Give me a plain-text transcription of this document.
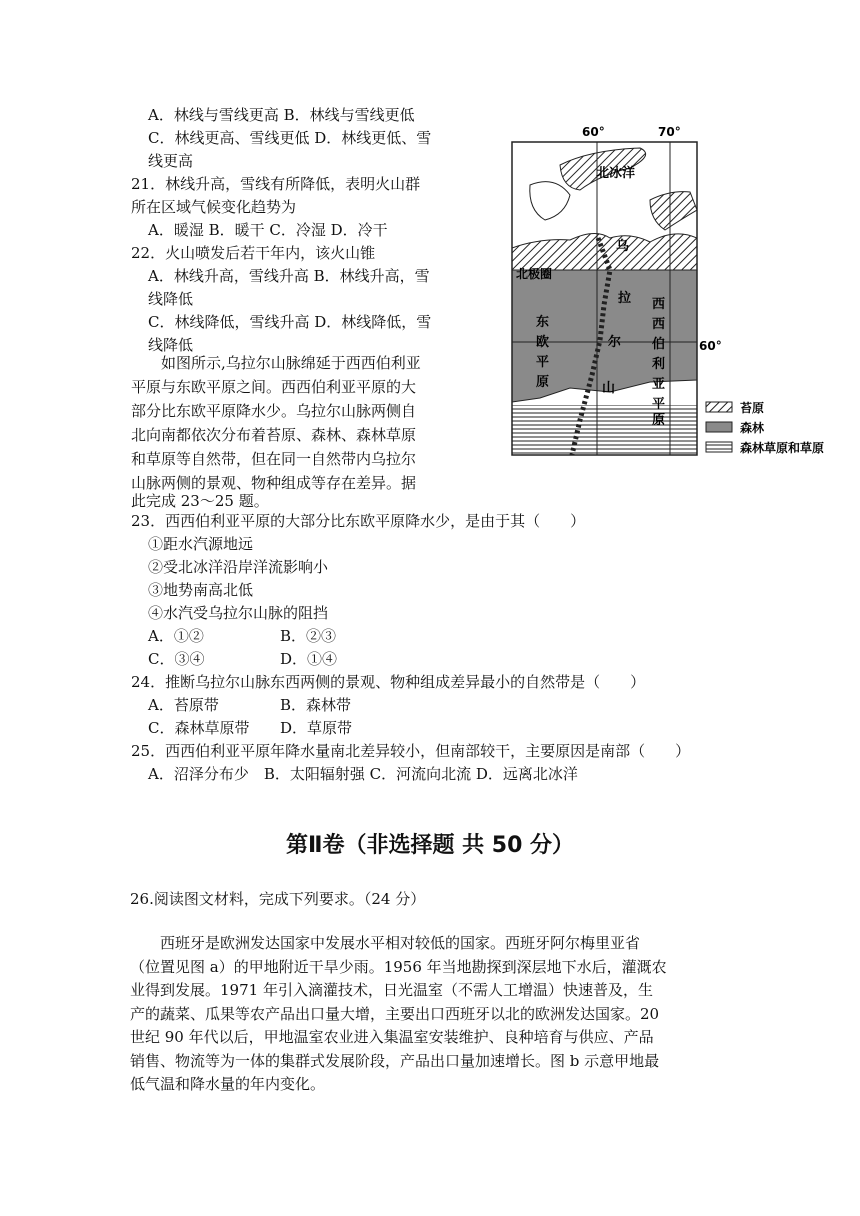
A．林线与雪线更高 B．林线与雪线更低
C．林线更高、雪线更低 D．林线更低、雪
线更高
21．林线升高，雪线有所降低，表明火山群
所在区域气候变化趋势为
A．暖湿 B．暖干 C．冷湿 D．冷干
22．火山喷发后若干年内，该火山锥
A．林线升高，雪线升高 B．林线升高，雪
线降低
C．林线降低，雪线升高 D．林线降低，雪
线降低
如图所示,乌拉尔山脉绵延于西西伯利亚
平原与东欧平原之间。西西伯利亚平原的大
部分比东欧平原降水少。乌拉尔山脉两侧自
北向南都依次分布着苔原、森林、森林草原
和草原等自然带，但在同一自然带内乌拉尔
山脉两侧的景观、物种组成等存在差异。据
此完成 23～25 题。
60°	70°
60°
北冰洋
北极圈
东
欧
平
原
西
西
伯
利
亚
平
原
乌
拉
尔
山
苔原
森林
森林草原和草原
23．西西伯利亚平原的大部分比东欧平原降水少，是由于其（　　）
①距水汽源地远
②受北冰洋沿岸洋流影响小
③地势南高北低
④水汽受乌拉尔山脉的阻挡
A．①②	B．②③
C．③④	D．①④
24．推断乌拉尔山脉东西两侧的景观、物种组成差异最小的自然带是（　　）
A．苔原带	B．森林带
C．森林草原带 D．草原带
25．西西伯利亚平原年降水量南北差异较小，但南部较干，主要原因是南部（　　）
A．沼泽分布少　B．太阳辐射强 C．河流向北流 D．远离北冰洋
第Ⅱ卷（非选择题 共 50 分）
26.阅读图文材料，完成下列要求。（24 分）
　　西班牙是欧洲发达国家中发展水平相对较低的国家。西班牙阿尔梅里亚省
（位置见图 a）的甲地附近干旱少雨。1956 年当地勘探到深层地下水后，灌溉农
业得到发展。1971 年引入滴灌技术，日光温室（不需人工增温）快速普及，生
产的蔬菜、瓜果等农产品出口量大增，主要出口西班牙以北的欧洲发达国家。20
世纪 90 年代以后，甲地温室农业进入集温室安装维护、良种培育与供应、产品
销售、物流等为一体的集群式发展阶段，产品出口量加速增长。图 b 示意甲地最
低气温和降水量的年内变化。
